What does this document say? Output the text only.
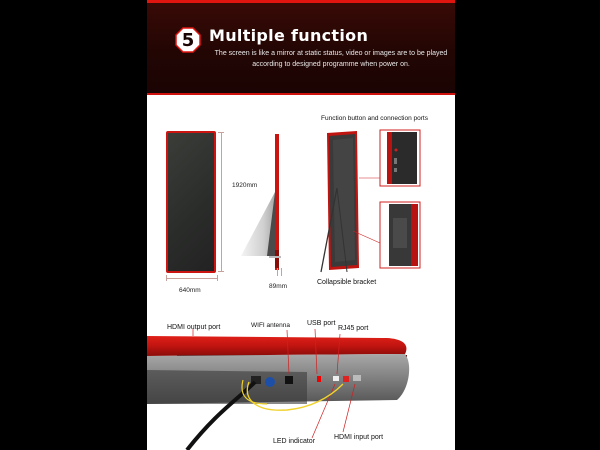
5 Multiple function
The screen is like a mirror at static status, video or images are to be played according to designed programme when power on.
1920mm
640mm
89mm
Function button and connection ports
Collapsible bracket
HDMI output port	WIFI antenna USB port
RJ45 port
LED indicator
HDMI input port
